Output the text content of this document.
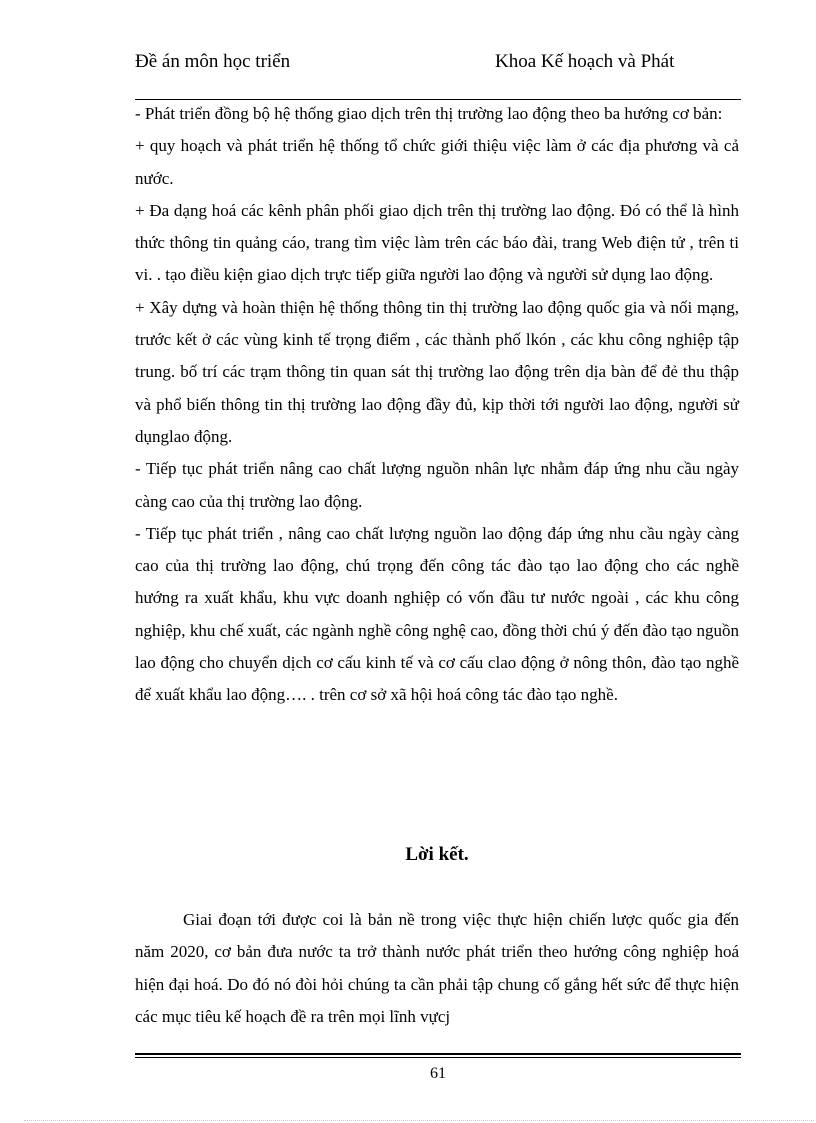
Đề án môn học triển	Khoa Kế hoạch và Phát

- Phát triển đồng bộ hệ thống giao dịch trên thị trường lao động theo ba hướng cơ bản:

+ quy hoạch và phát triển hệ thống tổ chức giới thiệu việc làm ở các địa phương và cả nước.

+ Đa dạng hoá các kênh phân phối giao dịch trên thị trường lao động. Đó có thể là hình thức thông tin quảng cáo, trang tìm việc làm trên các báo đài, trang Web điện tử , trên ti vi. . tạo điều kiện giao dịch trực tiếp giữa người lao động và người sử dụng lao động.

+ Xây dựng và hoàn thiện hệ thống thông tin thị trường lao động quốc gia và nối mạng, trước kết ở các vùng kinh tế trọng điểm , các thành phố lkón , các khu công nghiệp tập trung. bố trí các trạm thông tin quan sát thị trường lao động trên dịa bàn để đẻ thu thập và phổ biến thông tin thị trường lao động đầy đủ, kịp thời tới người lao động, người sử dụnglao động.

- Tiếp tục phát triển nâng cao chất lượng nguồn nhân lực nhằm đáp ứng nhu cầu ngày càng cao của thị trường lao động.

- Tiếp tục phát triển , nâng cao chất lượng nguồn lao động đáp ứng nhu cầu ngày càng cao của thị trường lao động, chú trọng đến công tác đào tạo lao động cho các nghề hướng ra xuất khẩu, khu vực doanh nghiệp có vốn đầu tư nước ngoài , các khu công nghiệp, khu chế xuất, các ngành nghề công nghệ cao, đồng thời chú ý đến đào tạo nguồn lao động cho chuyển dịch cơ cấu kinh tế và cơ cấu clao động ở nông thôn, đào tạo nghề để xuất khẩu lao động…. . trên cơ sở xã hội hoá công tác đào tạo nghề.

Lời kết.

Giai đoạn tới được coi là bản nề trong việc thực hiện chiến lược quốc gia đến năm 2020, cơ bản đưa nước ta trở thành nước phát triển theo hướng công nghiệp hoá hiện đại hoá. Do đó nó đòi hỏi chúng ta cần phải tập chung cố gắng hết sức để thực hiện các mục tiêu kế hoạch đề ra trên mọi lĩnh vựcj

61
